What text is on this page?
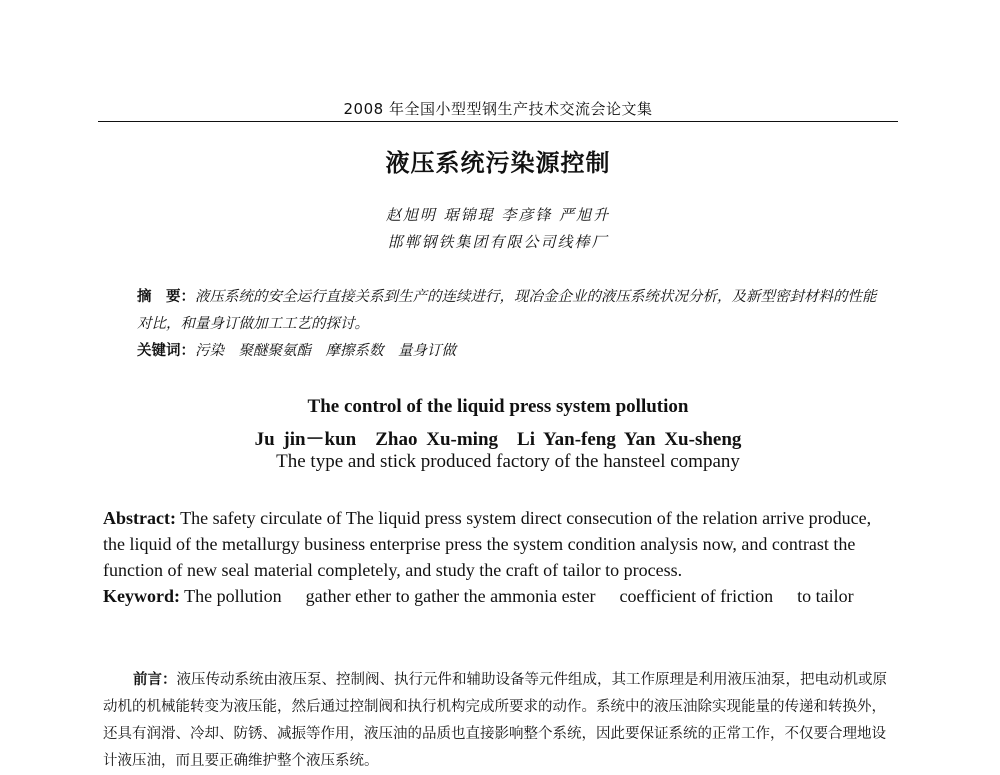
2008 年全国小型型钢生产技术交流会论文集
液压系统污染源控制
赵旭明 琚锦琨 李彦锋 严旭升
邯郸钢铁集团有限公司线棒厂
摘　要：液压系统的安全运行直接关系到生产的连续进行，现冶金企业的液压系统状况分析，及新型密封材料的性能对比，和量身订做加工工艺的探讨。
关键词：污染　聚醚聚氨酯　摩擦系数　量身订做
The control of the liquid press system pollution
Ju jin－kun　Zhao Xu-ming　Li Yan-feng Yan Xu-sheng
The type and stick produced factory of the hansteel company
Abstract: The safety circulate of The liquid press system direct consecution of the relation arrive produce, the liquid of the metallurgy business enterprise press the system condition analysis now, and contrast the function of new seal material completely, and study the craft of tailor to process.
Keyword: The pollution gather ether to gather the ammonia ester coefficient of friction to tailor

前言：液压传动系统由液压泵、控制阀、执行元件和辅助设备等元件组成，其工作原理是利用液压油泵，把电动机或原动机的机械能转变为液压能，然后通过控制阀和执行机构完成所要求的动作。系统中的液压油除实现能量的传递和转换外，还具有润滑、冷却、防锈、减振等作用，液压油的品质也直接影响整个系统，因此要保证系统的正常工作，不仅要合理地设计液压油，而且要正确维护整个液压系统。
